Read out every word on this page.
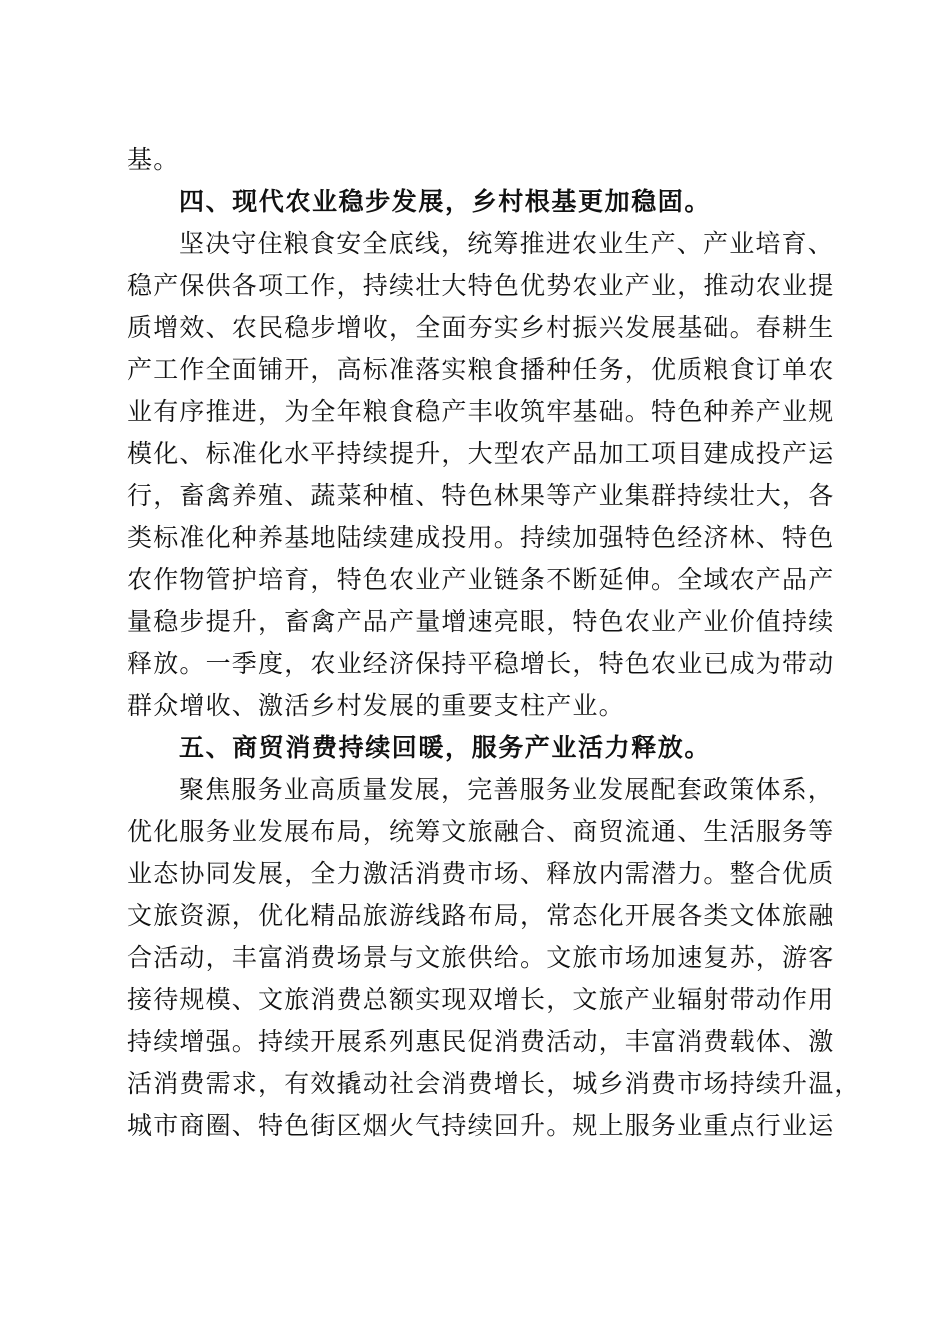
基。
四、现代农业稳步发展，乡村根基更加稳固。
坚决守住粮食安全底线，统筹推进农业生产、产业培育、
稳产保供各项工作，持续壮大特色优势农业产业，推动农业提
质增效、农民稳步增收，全面夯实乡村振兴发展基础。春耕生
产工作全面铺开，高标准落实粮食播种任务，优质粮食订单农
业有序推进，为全年粮食稳产丰收筑牢基础。特色种养产业规
模化、标准化水平持续提升，大型农产品加工项目建成投产运
行，畜禽养殖、蔬菜种植、特色林果等产业集群持续壮大，各
类标准化种养基地陆续建成投用。持续加强特色经济林、特色
农作物管护培育，特色农业产业链条不断延伸。全域农产品产
量稳步提升，畜禽产品产量增速亮眼，特色农业产业价值持续
释放。一季度，农业经济保持平稳增长，特色农业已成为带动
群众增收、激活乡村发展的重要支柱产业。
五、商贸消费持续回暖，服务产业活力释放。
聚焦服务业高质量发展，完善服务业发展配套政策体系，
优化服务业发展布局，统筹文旅融合、商贸流通、生活服务等
业态协同发展，全力激活消费市场、释放内需潜力。整合优质
文旅资源，优化精品旅游线路布局，常态化开展各类文体旅融
合活动，丰富消费场景与文旅供给。文旅市场加速复苏，游客
接待规模、文旅消费总额实现双增长，文旅产业辐射带动作用
持续增强。持续开展系列惠民促消费活动，丰富消费载体、激
活消费需求，有效撬动社会消费增长，城乡消费市场持续升温，
城市商圈、特色街区烟火气持续回升。规上服务业重点行业运
